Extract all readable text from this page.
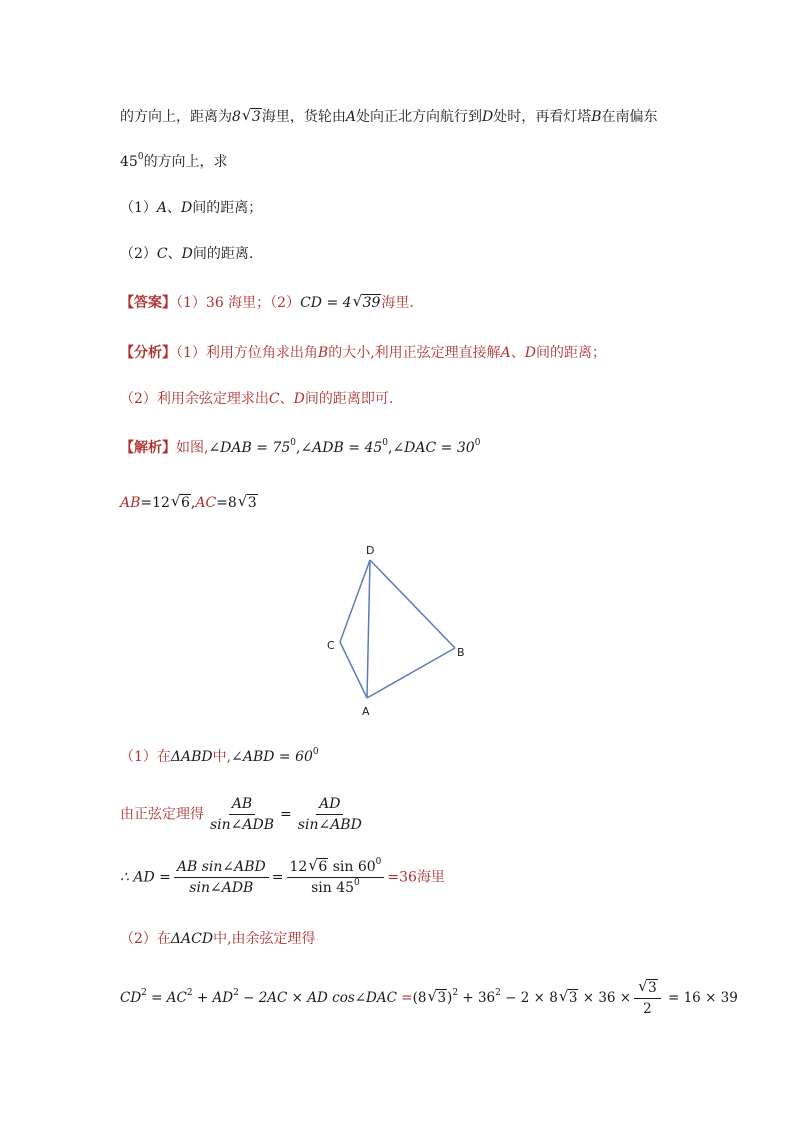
的方向上，距离为8√ 3海里，货轮由A处向正北方向航行到D处时，再看灯塔B在南偏东
$45^0$的方向上，求
（1）A、D间的距离；
（2）C、D间的距离.
【答案】（1）36 海里；（2）CD = 4√ 39海里.
【分析】（1）利用方位角求出角B的大小,利用正弦定理直接解A、D间的距离；
（2）利用余弦定理求出C、D间的距离即可.
【解析】如图,∠DAB = $75^0,\angle ADB$ = $45^0,\angle DAC = 30^0$
AB=12√ 6,AC=8√ 3
D
C
B
A
（1）在ΔABD中,∠ABD = $60^0$
由正弦定理得 $\frac{AB}{\text{sin∠ADB}} = \frac{AD}{\text{sin∠ABD}}$
∴ AD = $\frac{\text{AB sin∠ABD}}{\text{sin∠ADB}} = \frac{12√ 6 \sin 60^0}{\sin 45^0} =36$海里
（2）在ΔACD中,由余弦定理得
$CD^2 = AC^2 + AD^2 - 2AC$ × AD cos∠DAC =(8√ $3)^2 + 36^2 - 2 \times 8√$ 3 × 36 ×
√ $\frac{3}{2} = 16 \times 39$
